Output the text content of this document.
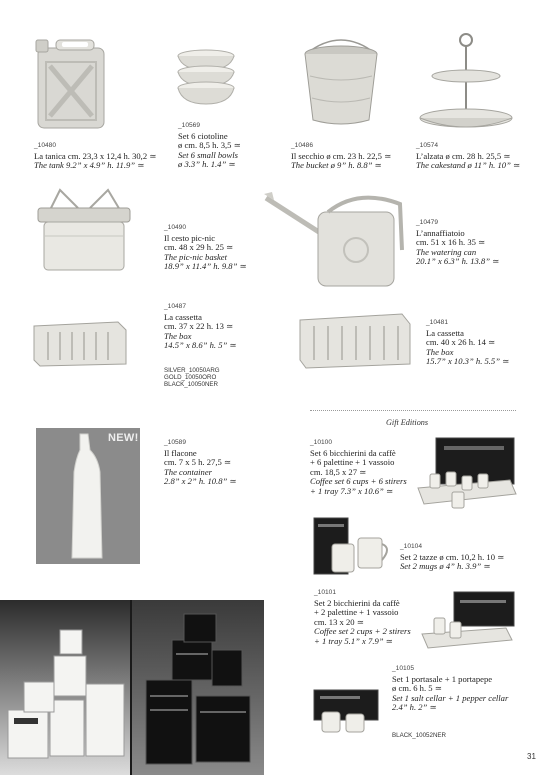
NEW!
Gift Editions
_10480
La tanica cm. 23,3 x 12,4 h. 30,2 ≃
The tank 9.2” x 4.9” h. 11.9” ≃
_10569
Set 6 ciotoline
ø cm. 8,5 h. 3,5 ≃
Set 6 small bowls
ø 3.3” h. 1.4” ≃
_10486
Il secchio ø cm. 23 h. 22,5 ≃
The bucket ø 9” h. 8.8” ≃
_10574
L’alzata ø cm. 28 h. 25,5 ≃
The cakestand ø 11” h. 10” ≃
_10490
Il cesto pic-nic
cm. 48 x 29 h. 25 ≃
The pic-nic basket
18.9” x 11.4” h. 9.8” ≃
_10479
L’annaffiatoio
cm. 51 x 16 h. 35 ≃
The watering can
20.1” x 6.3” h. 13.8” ≃
_10487
La cassetta
cm. 37 x 22 h. 13 ≃
The box
14.5” x 8.6” h. 5” ≃
SILVER_10050ARG
GOLD_10050ORO
BLACK_10050NER
_10481
La cassetta
cm. 40 x 26 h. 14 ≃
The box
15.7” x 10.3” h. 5.5” ≃
_10589
Il flacone
cm. 7 x 5 h. 27,5 ≃
The container
2.8” x 2” h. 10.8” ≃
_10100
Set 6 bicchierini da caffè
+ 6 palettine + 1 vassoio
cm. 18,5 x 27 ≃
Coffee set 6 cups + 6 stirers
+ 1 tray 7.3” x 10.6” ≃
_10104
Set 2 tazze ø cm. 10,2 h. 10 ≃
Set 2 mugs ø 4” h. 3.9” ≃
_10101
Set 2 bicchierini da caffè
+ 2 palettine + 1 vassoio
cm. 13 x 20 ≃
Coffee set 2 cups + 2 stirers
+ 1 tray 5.1” x 7.9” ≃
_10105
Set 1 portasale + 1 portapepe
ø cm. 6 h. 5 ≃
Set 1 salt cellar + 1 pepper cellar
2.4” h. 2” ≃
BLACK_10052NER
31
